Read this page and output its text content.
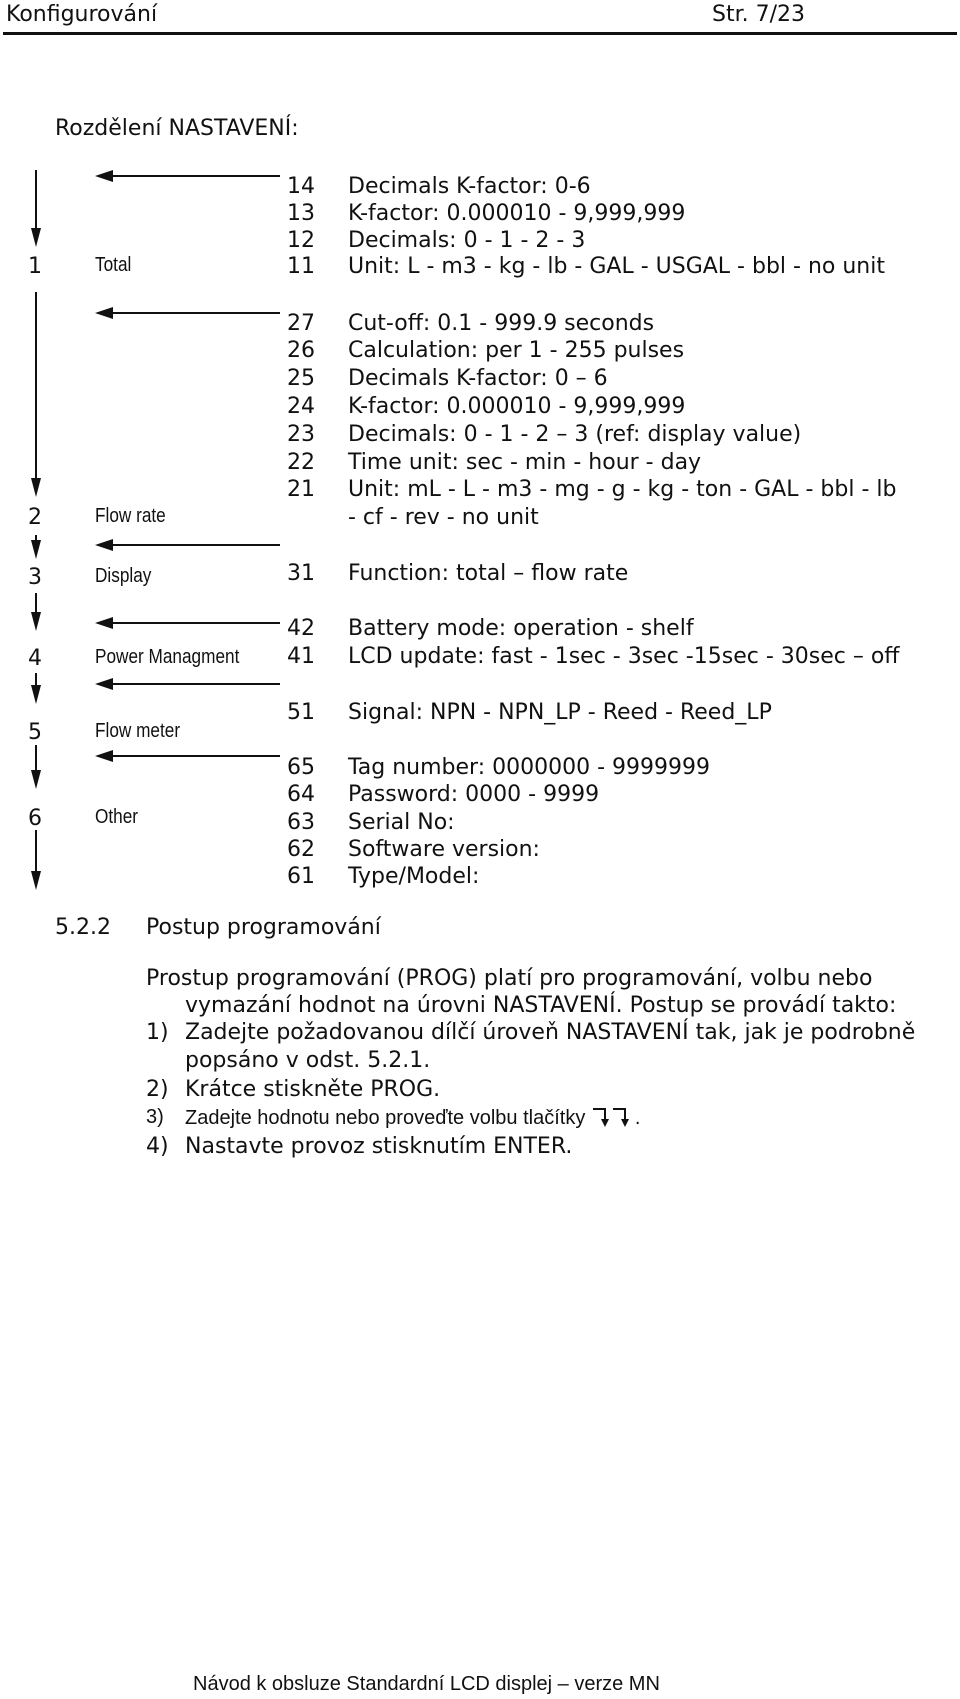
Konfigurování	Str. 7/23
Rozdělení NASTAVENÍ:
1	Total
2	Flow rate
3	Display
4	Power Managment
5	Flow meter
6	Other
14 Decimals K-factor: 0-6
13 K-factor: 0.000010 - 9,999,999
12 Decimals: 0 - 1 - 2 - 3
11 Unit: L - m3 - kg - lb - GAL - USGAL - bbl - no unit
27 Cut-off: 0.1 - 999.9 seconds
26 Calculation: per 1 - 255 pulses
25 Decimals K-factor: 0 – 6
24 K-factor: 0.000010 - 9,999,999
23 Decimals: 0 - 1 - 2 – 3 (ref: display value)
22 Time unit: sec - min - hour - day
21 Unit: mL - L - m3 - mg - g - kg - ton - GAL - bbl - lb
- cf - rev - no unit
31 Function: total – flow rate
42 Battery mode: operation - shelf
41 LCD update: fast - 1sec - 3sec -15sec - 30sec – off
51 Signal: NPN - NPN_LP - Reed - Reed_LP
65 Tag number: 0000000 - 9999999
64 Password: 0000 - 9999
63 Serial No:
62 Software version:
61 Type/Model:
5.2.2 Postup programování
Prostup programování (PROG) platí pro programování, volbu nebo
vymazání hodnot na úrovni NASTAVENÍ. Postup se provádí takto:
1) Zadejte požadovanou dílčí úroveň NASTAVENÍ tak, jak je podrobně
popsáno v odst. 5.2.1.
2) Krátce stiskněte PROG.
3) Zadejte hodnotu nebo proveďte volbu tlačítky .
4) Nastavte provoz stisknutím ENTER.
Návod k obsluze Standardní LCD displej – verze MN
